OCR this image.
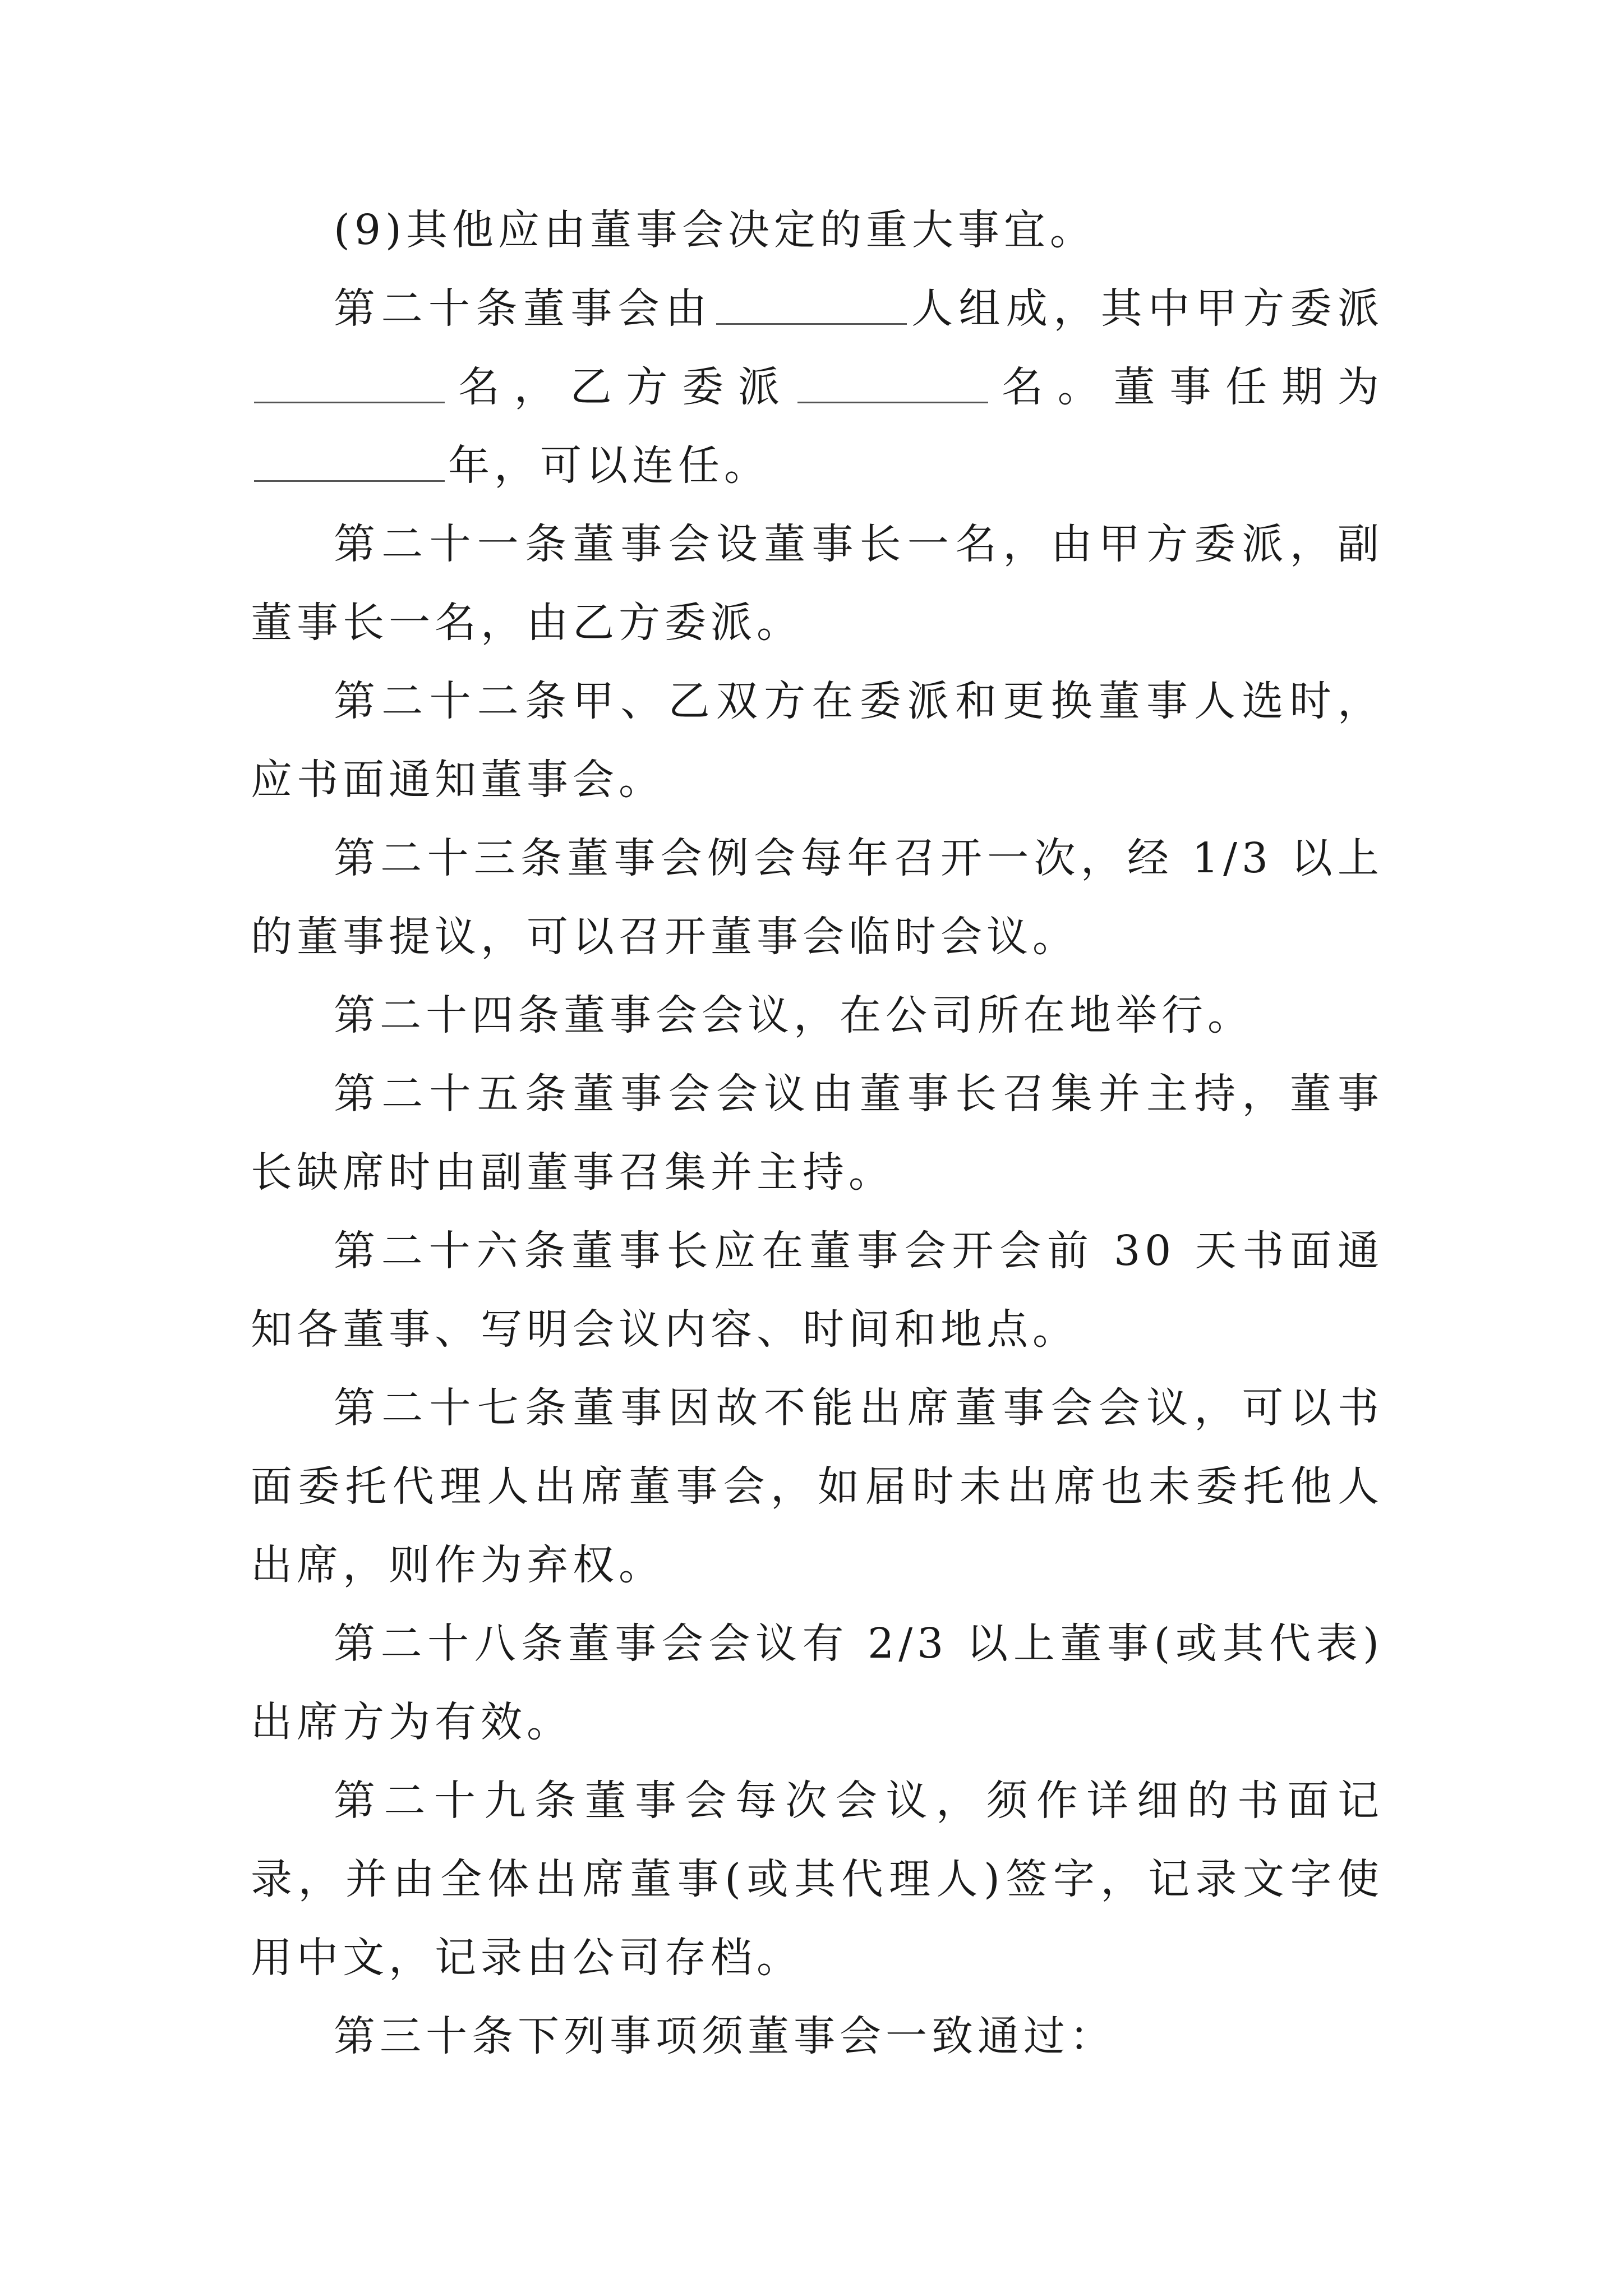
(9)其他应由董事会决定的重大事宜。

第二十条董事会由	人组成，其中甲方委派名，乙方委派	名。董事任期为年，可以连任。

第二十一条董事会设董事长一名，由甲方委派，副董事长一名，由乙方委派。

第二十二条甲、乙双方在委派和更换董事人选时，应书面通知董事会。

第二十三条董事会例会每年召开一次，经 1/3 以上的董事提议，可以召开董事会临时会议。

第二十四条董事会会议，在公司所在地举行。

第二十五条董事会会议由董事长召集并主持，董事长缺席时由副董事召集并主持。

第二十六条董事长应在董事会开会前 30 天书面通知各董事、写明会议内容、时间和地点。

第二十七条董事因故不能出席董事会会议，可以书面委托代理人出席董事会，如届时未出席也未委托他人出席，则作为弃权。

第二十八条董事会会议有 2/3 以上董事(或其代表)出席方为有效。

第二十九条董事会每次会议，须作详细的书面记录，并由全体出席董事(或其代理人)签字，记录文字使用中文，记录由公司存档。

第三十条下列事项须董事会一致通过：
